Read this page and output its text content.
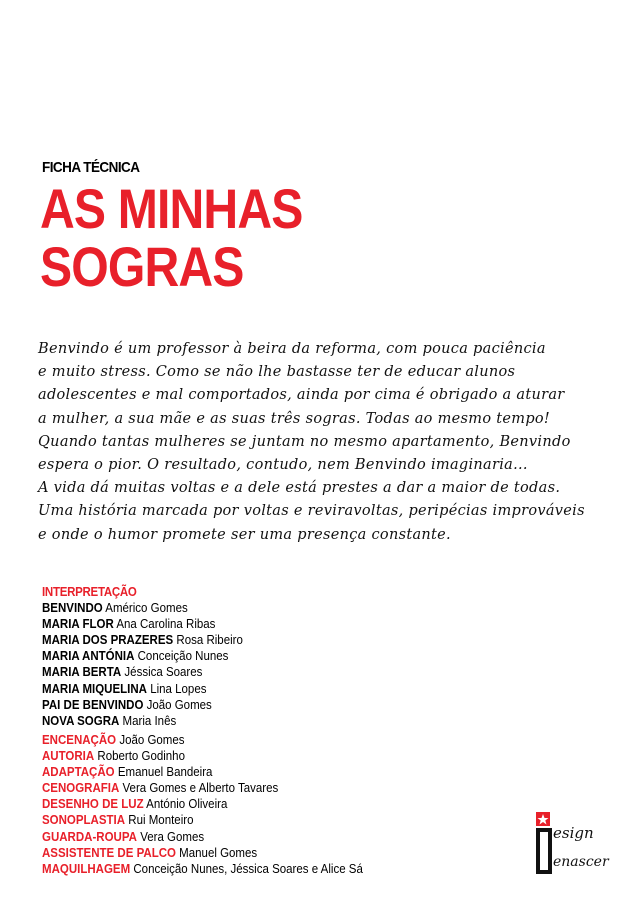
FICHA TÉCNICA
AS MINHAS
SOGRAS
Benvindo é um professor à beira da reforma, com pouca paciência
e muito stress. Como se não lhe bastasse ter de educar alunos
adolescentes e mal comportados, ainda por cima é obrigado a aturar
a mulher, a sua mãe e as suas três sogras. Todas ao mesmo tempo!
Quando tantas mulheres se juntam no mesmo apartamento, Benvindo
espera o pior. O resultado, contudo, nem Benvindo imaginaria...
A vida dá muitas voltas e a dele está prestes a dar a maior de todas.
Uma história marcada por voltas e reviravoltas, peripécias improváveis
e onde o humor promete ser uma presença constante.
INTERPRETAÇÃO
BENVINDO Américo Gomes
MARIA FLOR Ana Carolina Ribas
MARIA DOS PRAZERES Rosa Ribeiro
MARIA ANTÓNIA Conceição Nunes
MARIA BERTA Jéssica Soares
MARIA MIQUELINA Lina Lopes
PAI DE BENVINDO João Gomes
NOVA SOGRA Maria Inês
ENCENAÇÃO João Gomes
AUTORIA Roberto Godinho
ADAPTAÇÃO Emanuel Bandeira
CENOGRAFIA Vera Gomes e Alberto Tavares
DESENHO DE LUZ António Oliveira
SONOPLASTIA Rui Monteiro
GUARDA-ROUPA Vera Gomes
ASSISTENTE DE PALCO Manuel Gomes
MAQUILHAGEM Conceição Nunes, Jéssica Soares e Alice Sá
esign
enascer
